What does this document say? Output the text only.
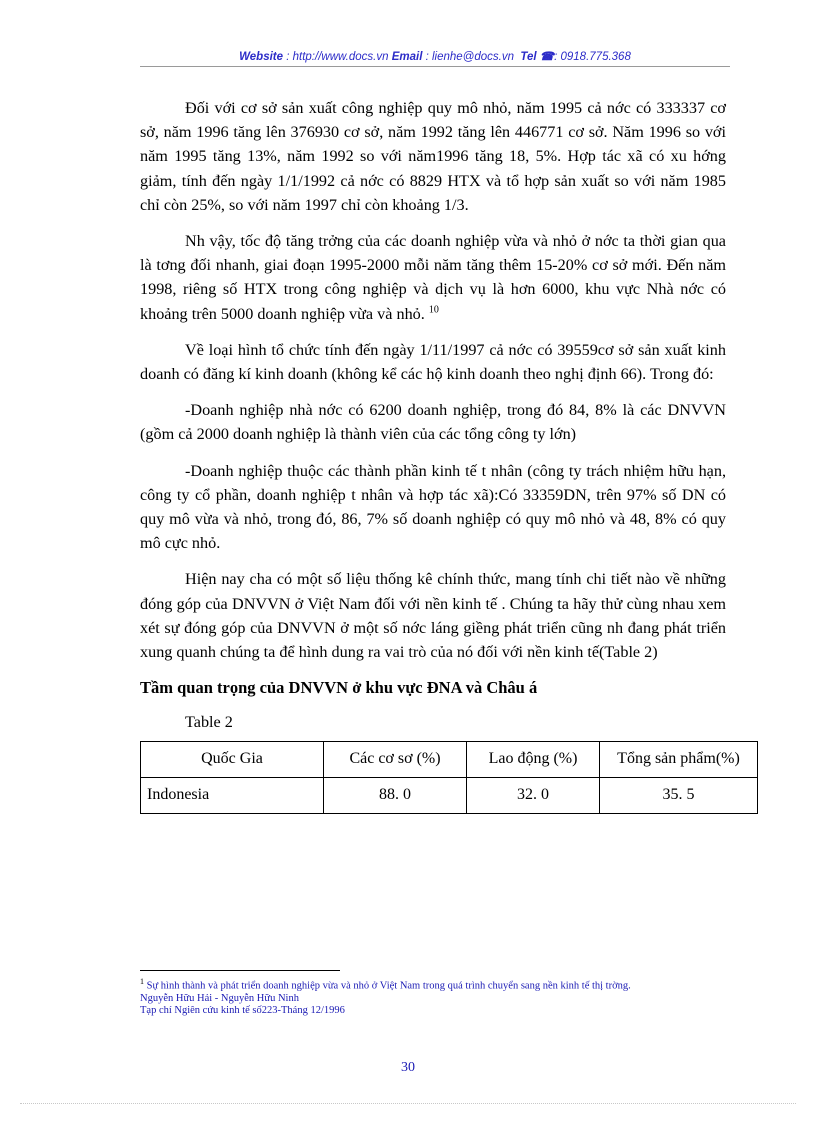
Website : http://www.docs.vn Email : lienhe@docs.vn Tel ☎: 0918.775.368

Đối với cơ sở sản xuất công nghiệp quy mô nhỏ, năm 1995 cả nớc có 333337 cơ sở, năm 1996 tăng lên 376930 cơ sở, năm 1992 tăng lên 446771 cơ sở. Năm 1996 so với năm 1995 tăng 13%, năm 1992 so với năm1996 tăng 18, 5%. Hợp tác xã có xu hớng giảm, tính đến ngày 1/1/1992 cả nớc có 8829 HTX và tổ hợp sản xuất so với năm 1985 chỉ còn 25%, so với năm 1997 chỉ còn khoảng 1/3.

Nh vậy, tốc độ tăng trởng của các doanh nghiệp vừa và nhỏ ở nớc ta thời gian qua là tơng đối nhanh, giai đoạn 1995-2000 mỗi năm tăng thêm 15-20% cơ sở mới. Đến năm 1998, riêng số HTX trong công nghiệp và dịch vụ là hơn 6000, khu vực Nhà nớc có khoảng trên 5000 doanh nghiệp vừa và nhỏ. $^{10}$

Về loại hình tổ chức tính đến ngày 1/11/1997 cả nớc có 39559cơ sở sản xuất kinh doanh có đăng kí kinh doanh (không kể các hộ kinh doanh theo nghị định 66). Trong đó:

-Doanh nghiệp nhà nớc có 6200 doanh nghiệp, trong đó 84, 8% là các DNVVN (gồm cả 2000 doanh nghiệp là thành viên của các tổng công ty lớn)

-Doanh nghiệp thuộc các thành phần kinh tế t nhân (công ty trách nhiệm hữu hạn, công ty cổ phần, doanh nghiệp t nhân và hợp tác xã):Có 33359DN, trên 97% số DN có quy mô vừa và nhỏ, trong đó, 86, 7% số doanh nghiệp có quy mô nhỏ và 48, 8% có quy mô cực nhỏ.

Hiện nay cha có một số liệu thống kê chính thức, mang tính chi tiết nào về những đóng góp của DNVVN ở Việt Nam đối với nền kinh tế . Chúng ta hãy thử cùng nhau xem xét sự đóng góp của DNVVN ở một số nớc láng giềng phát triển cũng nh đang phát triển xung quanh chúng ta để hình dung ra vai trò của nó đối với nền kinh tế(Table 2)

Tầm quan trọng của DNVVN ở khu vực ĐNA và Châu á
Table 2
Quốc Gia	Các cơ sơ (%)	Lao động (%)	Tổng sản phẩm(%)
Indonesia	88. 0	32. 0	35. 5
$^1$ Sự hình thành và phát triển doanh nghiệp vừa và nhỏ ở Việt Nam trong quá trình chuyển sang nền kinh tế thị trờng.
Nguyễn Hữu Hải - Nguyễn Hữu Ninh
Tạp chí Ngiên cứu kinh tế số223-Tháng 12/1996
30
